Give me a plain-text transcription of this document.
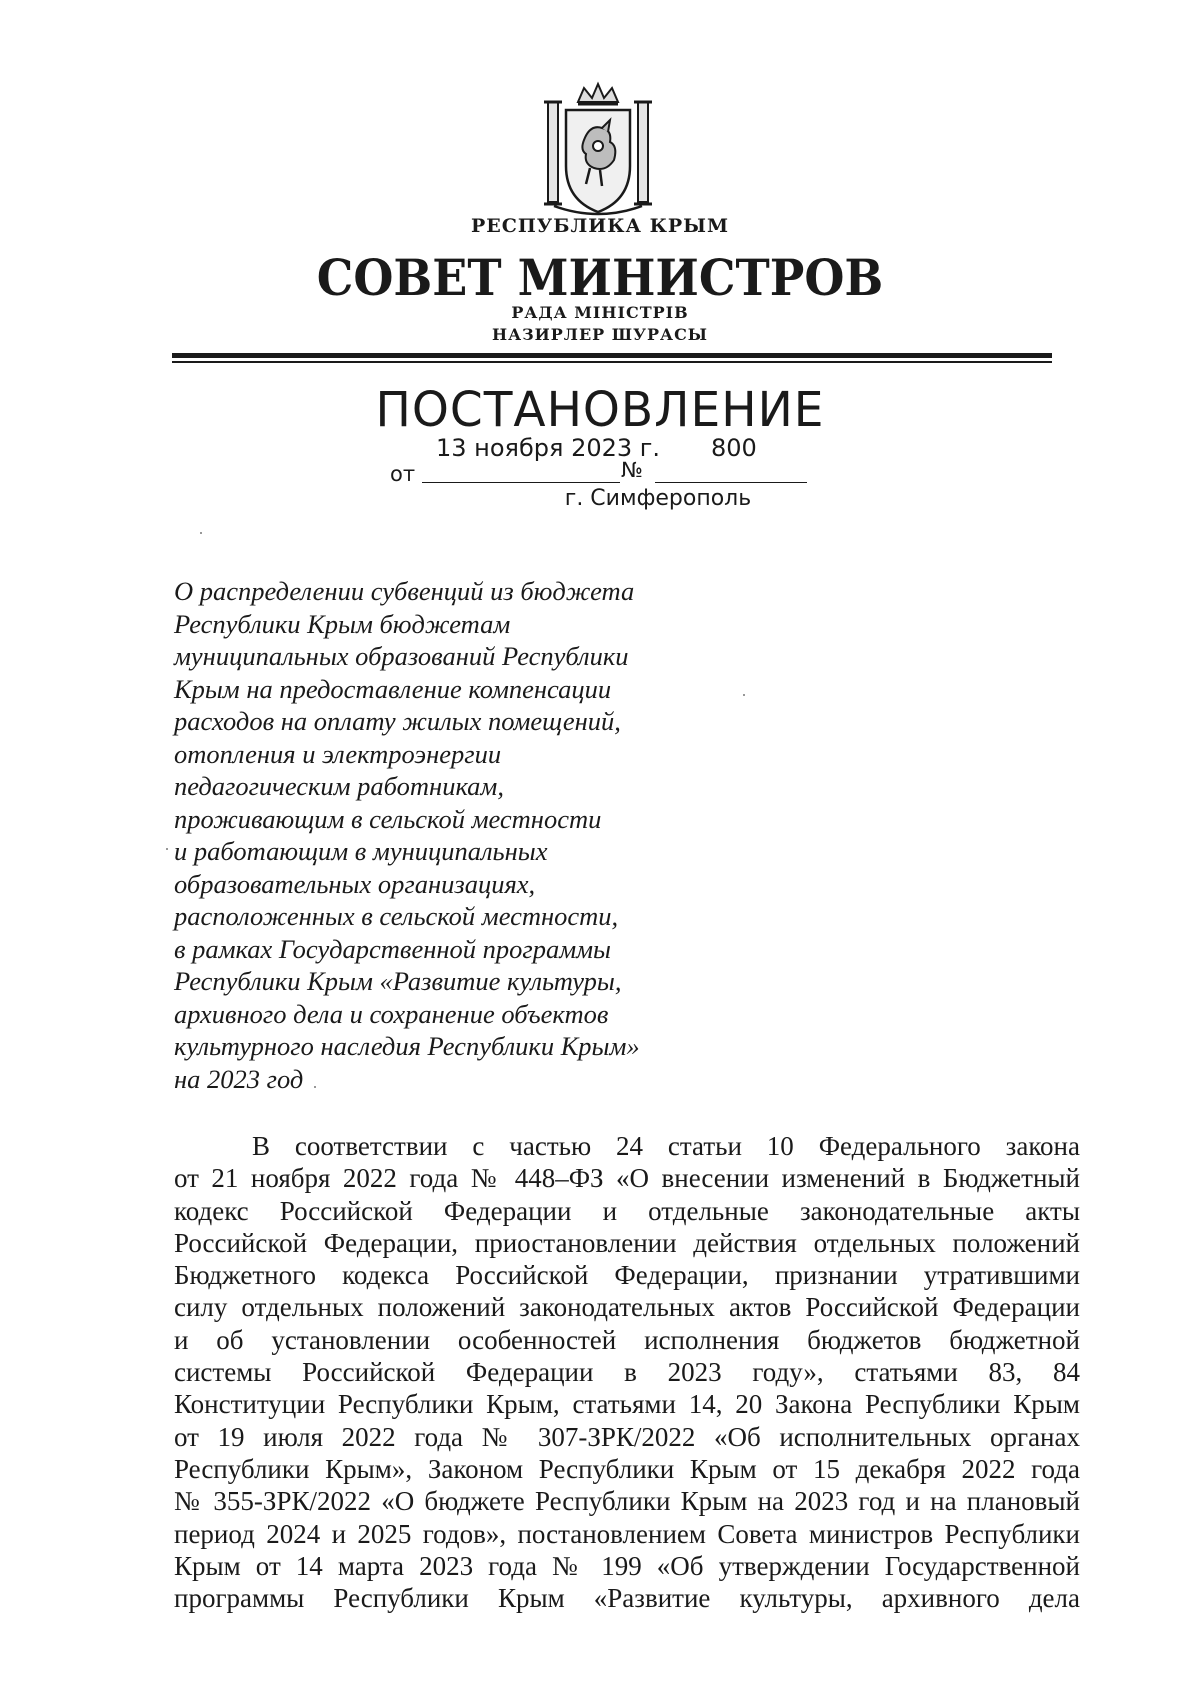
РЕСПУБЛИКА КРЫМ
СОВЕТ МИНИСТРОВ
РАДА МІНІСТРІВ
НАЗИРЛЕР ШУРАСЫ
ПОСТАНОВЛЕНИЕ
13 ноября 2023 г. 800
от	№
г. Симферополь
О распределении субвенций из бюджета
Республики Крым бюджетам
муниципальных образований Республики
Крым на предоставление компенсации
расходов на оплату жилых помещений,
отопления и электроэнергии
педагогическим работникам,
проживающим в сельской местности
и работающим в муниципальных
образовательных организациях,
расположенных в сельской местности,
в рамках Государственной программы
Республики Крым «Развитие культуры,
архивного дела и сохранение объектов
культурного наследия Республики Крым»
на 2023 год
В соответствии с частью 24 статьи 10 Федерального закона
от 21 ноября 2022 года № 448–ФЗ «О внесении изменений в Бюджетный
кодекс Российской Федерации и отдельные законодательные акты
Российской Федерации, приостановлении действия отдельных положений
Бюджетного кодекса Российской Федерации, признании утратившими
силу отдельных положений законодательных актов Российской Федерации
и об установлении особенностей исполнения бюджетов бюджетной
системы Российской Федерации в 2023 году», статьями 83, 84
Конституции Республики Крым, статьями 14, 20 Закона Республики Крым
от 19 июля 2022 года № 307-ЗРК/2022 «Об исполнительных органах
Республики Крым», Законом Республики Крым от 15 декабря 2022 года
№ 355-ЗРК/2022 «О бюджете Республики Крым на 2023 год и на плановый
период 2024 и 2025 годов», постановлением Совета министров Республики
Крым от 14 марта 2023 года № 199 «Об утверждении Государственной
программы Республики Крым «Развитие культуры, архивного дела
